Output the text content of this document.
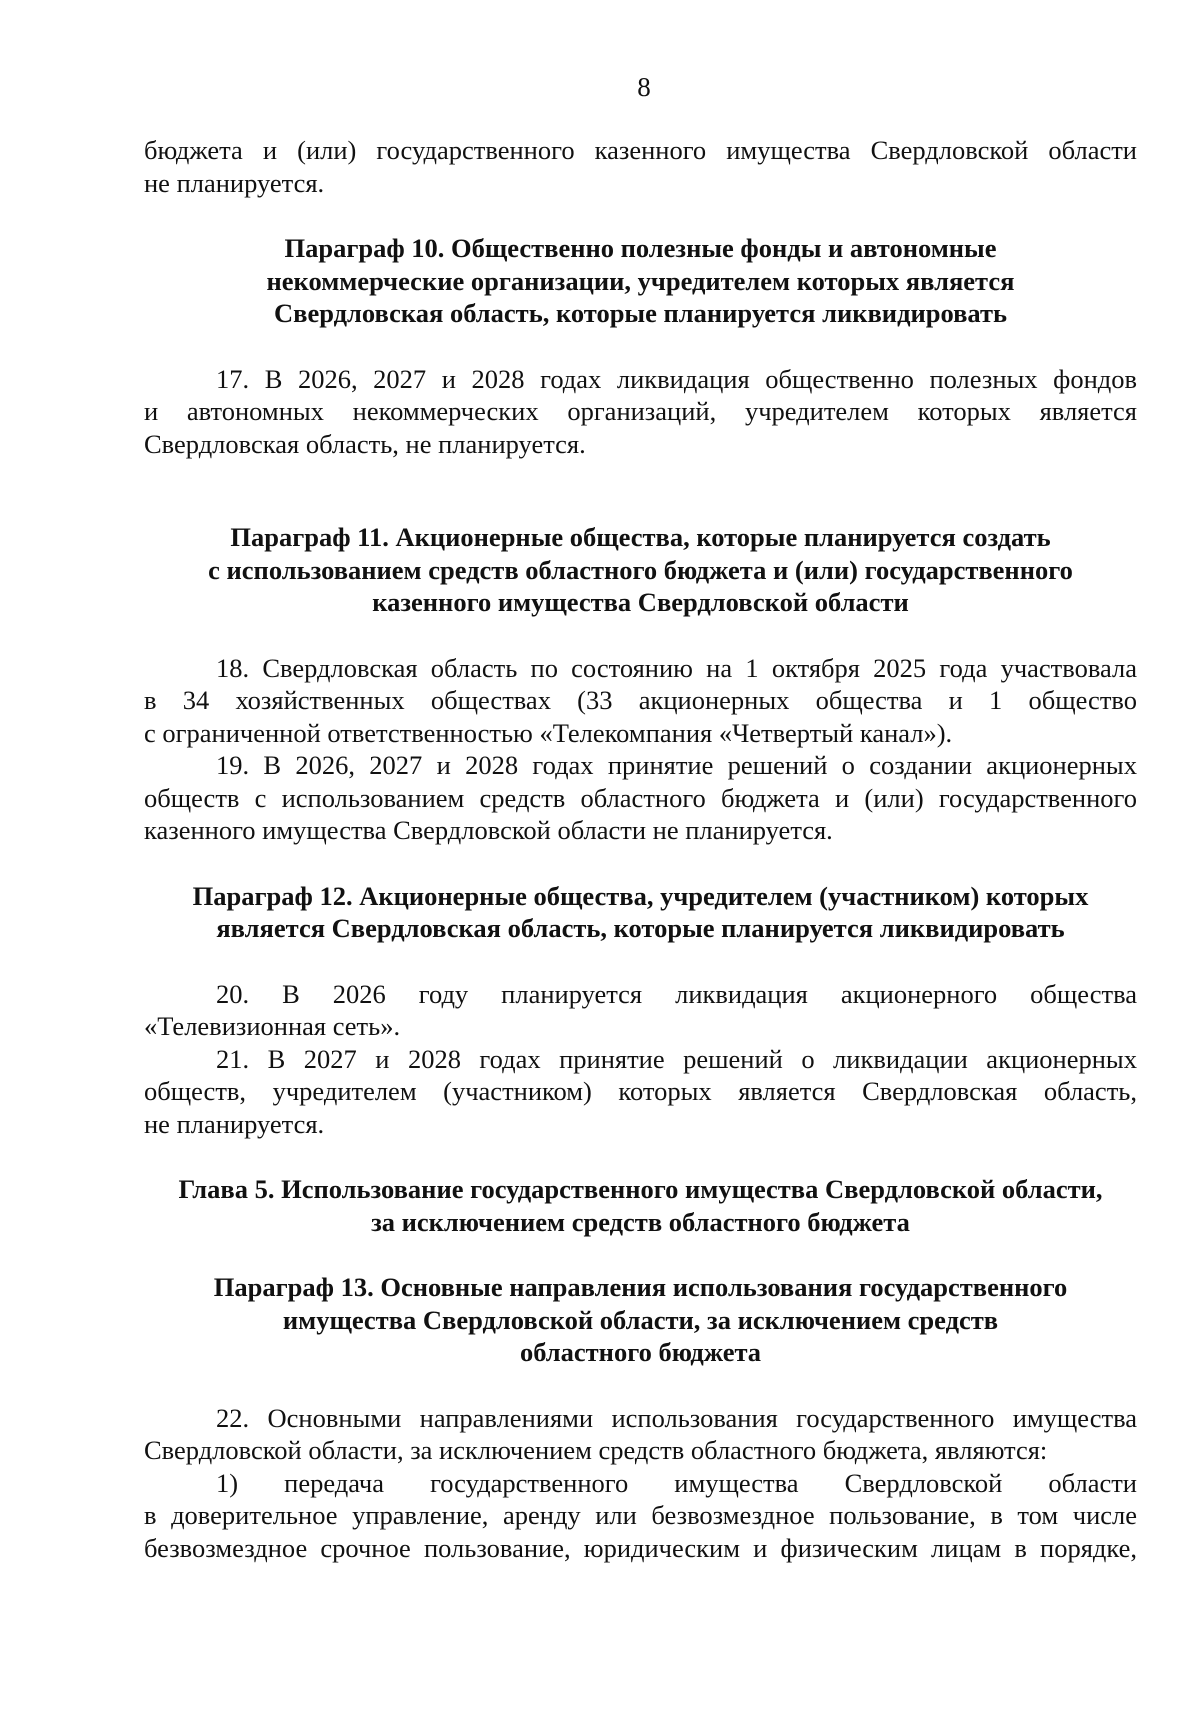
8
бюджета и (или) государственного казенного имущества Свердловской области
не планируется.
Параграф 10. Общественно полезные фонды и автономные
некоммерческие организации, учредителем которых является
Свердловская область, которые планируется ликвидировать
17. В 2026, 2027 и 2028 годах ликвидация общественно полезных фондов
и автономных некоммерческих организаций, учредителем которых является
Свердловская область, не планируется.
Параграф 11. Акционерные общества, которые планируется создать
с использованием средств областного бюджета и (или) государственного
казенного имущества Свердловской области
18. Свердловская область по состоянию на 1 октября 2025 года участвовала
в 34 хозяйственных обществах (33 акционерных общества и 1 общество
с ограниченной ответственностью «Телекомпания «Четвертый канал»).
19. В 2026, 2027 и 2028 годах принятие решений о создании акционерных
обществ с использованием средств областного бюджета и (или) государственного
казенного имущества Свердловской области не планируется.
Параграф 12. Акционерные общества, учредителем (участником) которых
является Свердловская область, которые планируется ликвидировать
20. В 2026 году планируется ликвидация акционерного общества
«Телевизионная сеть».
21. В 2027 и 2028 годах принятие решений о ликвидации акционерных
обществ, учредителем (участником) которых является Свердловская область,
не планируется.
Глава 5. Использование государственного имущества Свердловской области,
за исключением средств областного бюджета
Параграф 13. Основные направления использования государственного
имущества Свердловской области, за исключением средств
областного бюджета
22. Основными направлениями использования государственного имущества
Свердловской области, за исключением средств областного бюджета, являются:
1) передача государственного имущества Свердловской области
в доверительное управление, аренду или безвозмездное пользование, в том числе
безвозмездное срочное пользование, юридическим и физическим лицам в порядке,
